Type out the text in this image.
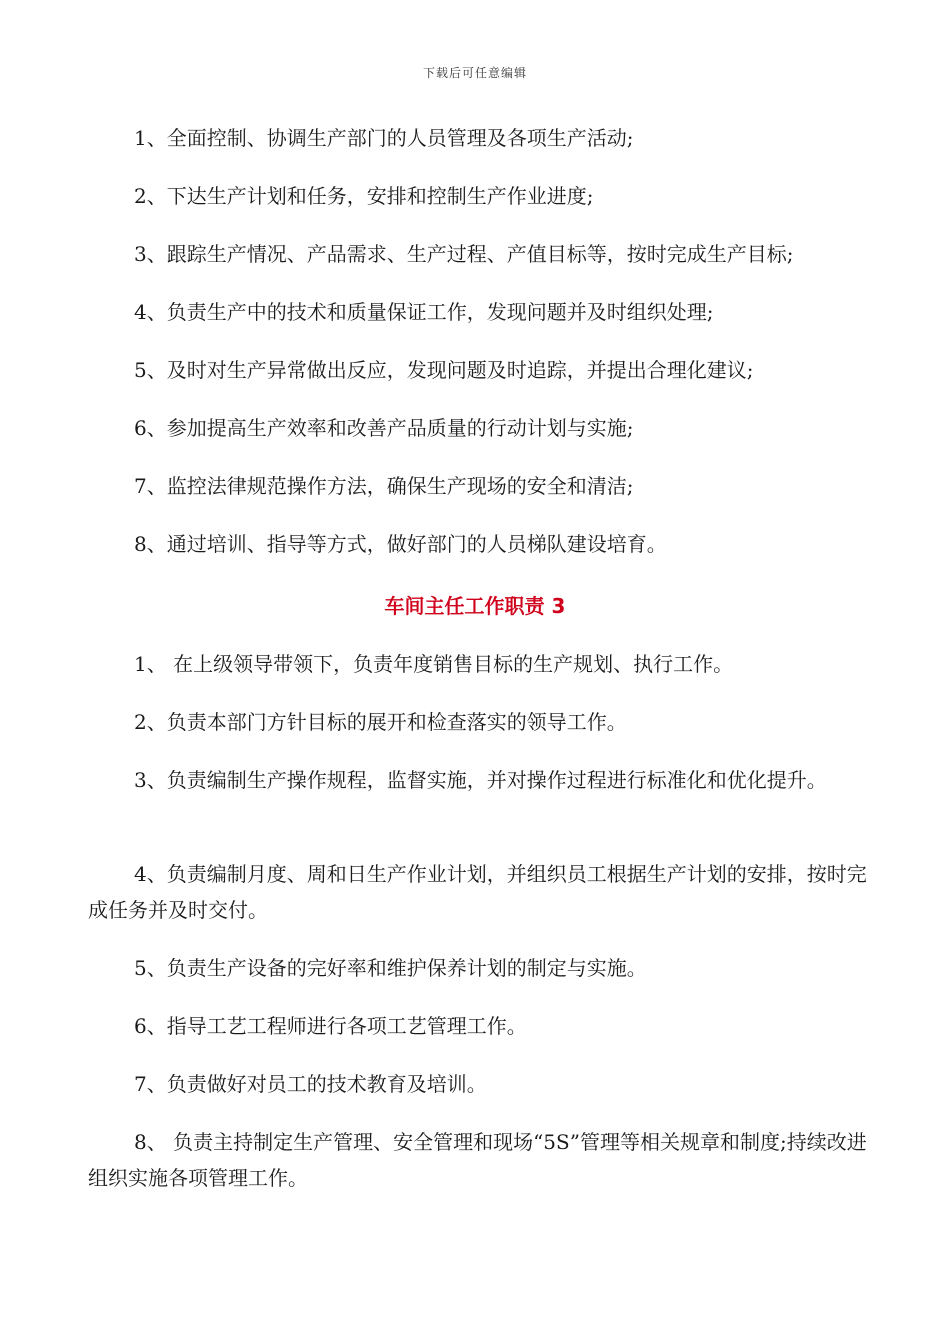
下载后可任意编辑
1、全面控制、协调生产部门的人员管理及各项生产活动;
2、下达生产计划和任务，安排和控制生产作业进度;
3、跟踪生产情况、产品需求、生产过程、产值目标等，按时完成生产目标;
4、负责生产中的技术和质量保证工作，发现问题并及时组织处理;
5、及时对生产异常做出反应，发现问题及时追踪，并提出合理化建议;
6、参加提高生产效率和改善产品质量的行动计划与实施;
7、监控法律规范操作方法，确保生产现场的安全和清洁;
8、通过培训、指导等方式，做好部门的人员梯队建设培育。
车间主任工作职责 3
1、 在上级领导带领下，负责年度销售目标的生产规划、执行工作。
2、负责本部门方针目标的展开和检查落实的领导工作。
3、负责编制生产操作规程，监督实施，并对操作过程进行标准化和优化提升。
4、负责编制月度、周和日生产作业计划，并组织员工根据生产计划的安排，按时完成任务并及时交付。
5、负责生产设备的完好率和维护保养计划的制定与实施。
6、指导工艺工程师进行各项工艺管理工作。
7、负责做好对员工的技术教育及培训。
8、 负责主持制定生产管理、安全管理和现场“5S”管理等相关规章和制度;持续改进组织实施各项管理工作。
